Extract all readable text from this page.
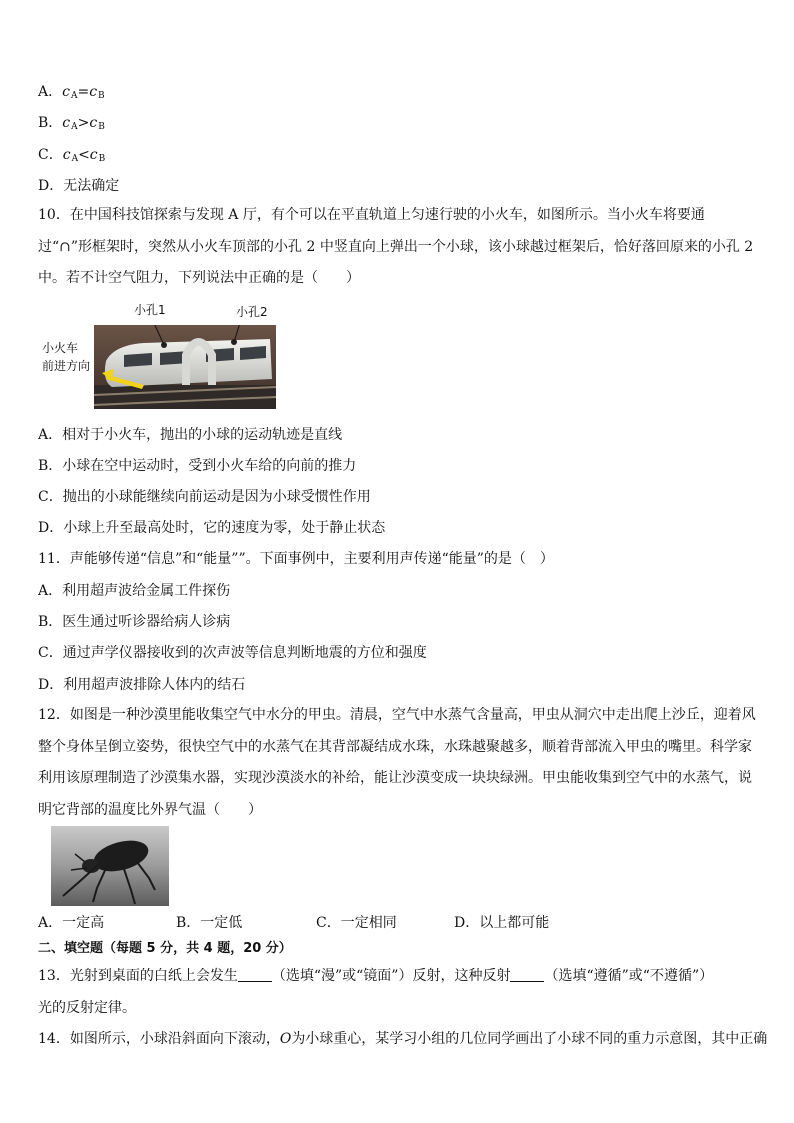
A．$c_A=c_B$
B．$c_A>c_B$
C．$c_A<c_B$
D．无法确定
10．在中国科技馆探索与发现 A 厅，有个可以在平直轨道上匀速行驶的小火车，如图所示。当小火车将要通过“∩”形框架时，突然从小火车顶部的小孔 2 中竖直向上弹出一个小球，该小球越过框架后，恰好落回原来的小孔 2 中。若不计空气阻力，下列说法中正确的是（　　）
小孔1	小孔2
小火车
前进方向
A．相对于小火车，抛出的小球的运动轨迹是直线
B．小球在空中运动时，受到小火车给的向前的推力
C．抛出的小球能继续向前运动是因为小球受惯性作用
D．小球上升至最高处时，它的速度为零，处于静止状态
11．声能够传递“信息”和“能量””。下面事例中，主要利用声传递“能量”的是（　）
A．利用超声波给金属工件探伤
B．医生通过听诊器给病人诊病
C．通过声学仪器接收到的次声波等信息判断地震的方位和强度
D．利用超声波排除人体内的结石
12．如图是一种沙漠里能收集空气中水分的甲虫。清晨，空气中水蒸气含量高，甲虫从洞穴中走出爬上沙丘，迎着风整个身体呈倒立姿势，很快空气中的水蒸气在其背部凝结成水珠，水珠越聚越多，顺着背部流入甲虫的嘴里。科学家利用该原理制造了沙漠集水器，实现沙漠淡水的补给，能让沙漠变成一块块绿洲。甲虫能收集到空气中的水蒸气，说明它背部的温度比外界气温（　　）
A．一定高	B．一定低	C．一定相同	D．以上都可能
二、填空题（每题 5 分，共 4 题，20 分）
13．光射到桌面的白纸上会发生 （选填“漫”或“镜面”）反射，这种反射 （选填“遵循”或“不遵循”）
光的反射定律。
14．如图所示，小球沿斜面向下滚动，O为小球重心，某学习小组的几位同学画出了小球不同的重力示意图，其中正确
